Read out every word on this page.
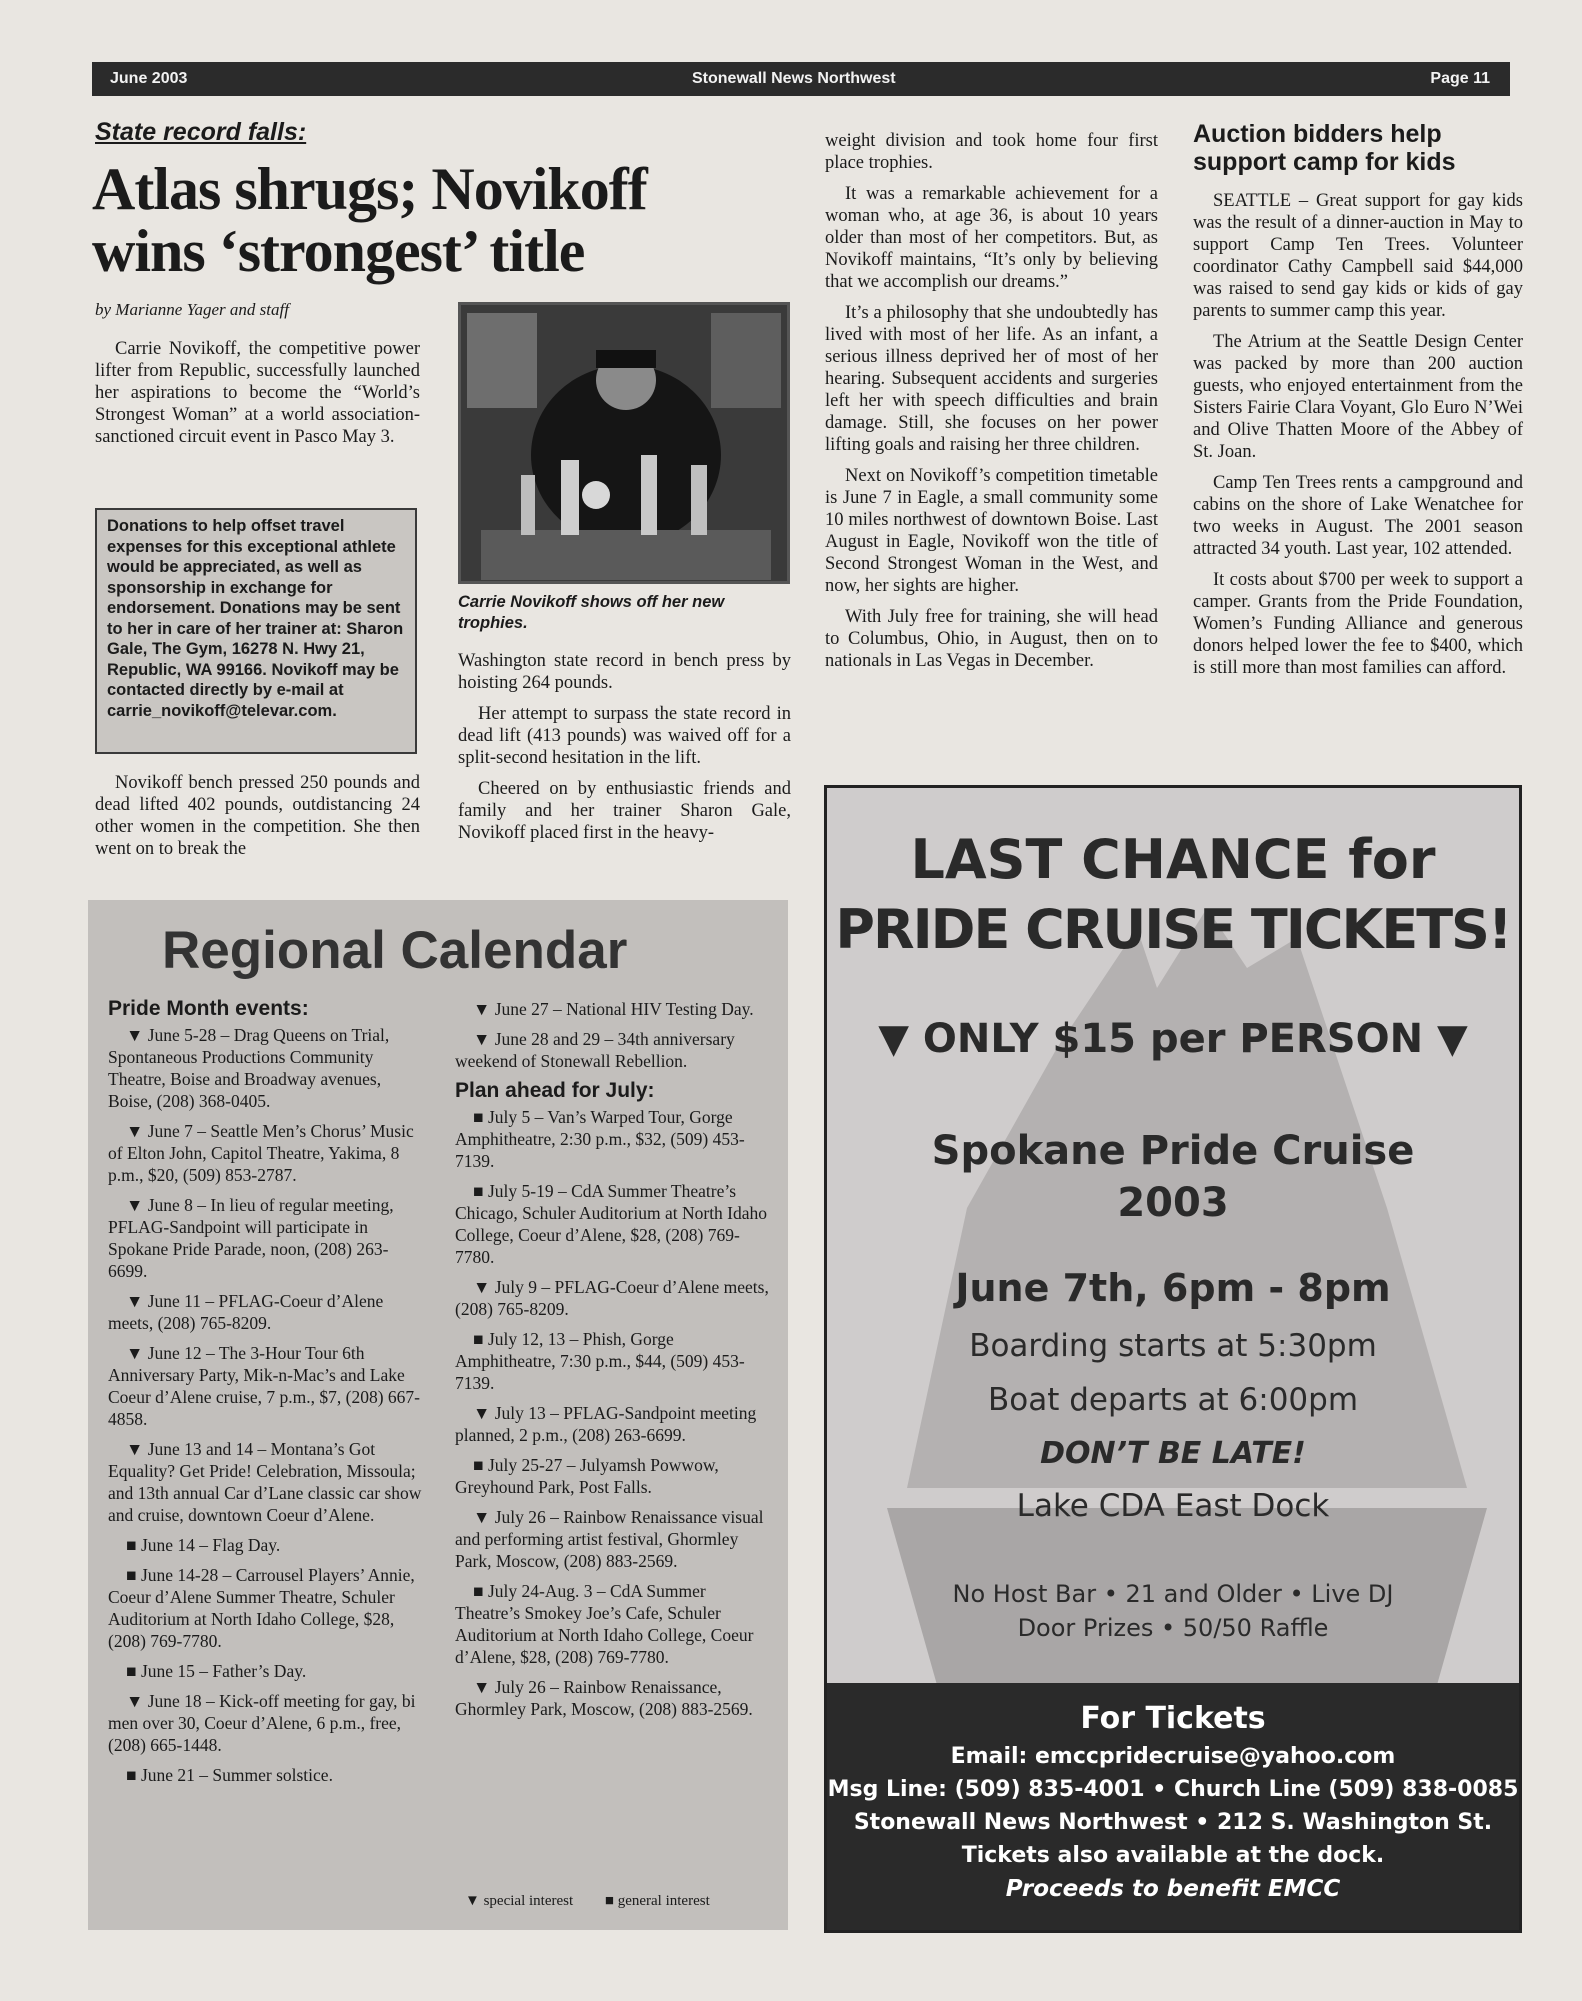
June 2003	Stonewall News Northwest	Page 11
State record falls:
Atlas shrugs; Novikoff wins ‘strongest’ title
by Marianne Yager and staff

Carrie Novikoff, the competitive power lifter from Republic, successfully launched her aspirations to become the “World’s Strongest Woman” at a world association-sanctioned circuit event in Pasco May 3.

Donations to help offset travel expenses for this exceptional athlete would be appreciated, as well as sponsorship in exchange for endorsement. Donations may be sent to her in care of her trainer at: Sharon Gale, The Gym, 16278 N. Hwy 21, Republic, WA 99166. Novikoff may be contacted directly by e-mail at carrie_novikoff@televar.com.

Novikoff bench pressed 250 pounds and dead lifted 402 pounds, outdistancing 24 other women in the competition. She then went on to break the

Carrie Novikoff shows off her new trophies.

Washington state record in bench press by hoisting 264 pounds.

Her attempt to surpass the state record in dead lift (413 pounds) was waived off for a split-second hesitation in the lift.

Cheered on by enthusiastic friends and family and her trainer Sharon Gale, Novikoff placed first in the heavy-

weight division and took home four first place trophies.

It was a remarkable achievement for a woman who, at age 36, is about 10 years older than most of her competitors. But, as Novikoff maintains, “It’s only by believing that we accomplish our dreams.”

It’s a philosophy that she undoubtedly has lived with most of her life. As an infant, a serious illness deprived her of most of her hearing. Subsequent accidents and surgeries left her with speech difficulties and brain damage. Still, she focuses on her power lifting goals and raising her three children.

Next on Novikoff’s competition timetable is June 7 in Eagle, a small community some 10 miles northwest of downtown Boise. Last August in Eagle, Novikoff won the title of Second Strongest Woman in the West, and now, her sights are higher.

With July free for training, she will head to Columbus, Ohio, in August, then on to nationals in Las Vegas in December.

Auction bidders help support camp for kids

SEATTLE – Great support for gay kids was the result of a dinner-auction in May to support Camp Ten Trees. Volunteer coordinator Cathy Campbell said $44,000 was raised to send gay kids or kids of gay parents to summer camp this year.

The Atrium at the Seattle Design Center was packed by more than 200 auction guests, who enjoyed entertainment from the Sisters Fairie Clara Voyant, Glo Euro N’Wei and Olive Thatten Moore of the Abbey of St. Joan.

Camp Ten Trees rents a campground and cabins on the shore of Lake Wenatchee for two weeks in August. The 2001 season attracted 34 youth. Last year, 102 attended.

It costs about $700 per week to support a camper. Grants from the Pride Foundation, Women’s Funding Alliance and generous donors helped lower the fee to $400, which is still more than most families can afford.

Regional Calendar
Pride Month events:

▼ June 5-28 – Drag Queens on Trial, Spontaneous Productions Community Theatre, Boise and Broadway avenues, Boise, (208) 368-0405.

▼ June 7 – Seattle Men’s Chorus’ Music of Elton John, Capitol Theatre, Yakima, 8 p.m., $20, (509) 853-2787.

▼ June 8 – In lieu of regular meeting, PFLAG-Sandpoint will participate in Spokane Pride Parade, noon, (208) 263-6699.

▼ June 11 – PFLAG-Coeur d’Alene meets, (208) 765-8209.

▼ June 12 – The 3-Hour Tour 6th Anniversary Party, Mik-n-Mac’s and Lake Coeur d’Alene cruise, 7 p.m., $7, (208) 667-4858.

▼ June 13 and 14 – Montana’s Got Equality? Get Pride! Celebration, Missoula; and 13th annual Car d’Lane classic car show and cruise, downtown Coeur d’Alene.

■ June 14 – Flag Day.

■ June 14-28 – Carrousel Players’ Annie, Coeur d’Alene Summer Theatre, Schuler Auditorium at North Idaho College, $28, (208) 769-7780.

■ June 15 – Father’s Day.

▼ June 18 – Kick-off meeting for gay, bi men over 30, Coeur d’Alene, 6 p.m., free, (208) 665-1448.

■ June 21 – Summer solstice.

▼ June 27 – National HIV Testing Day.

▼ June 28 and 29 – 34th anniversary weekend of Stonewall Rebellion.

Plan ahead for July:

■ July 5 – Van’s Warped Tour, Gorge Amphitheatre, 2:30 p.m., $32, (509) 453-7139.

■ July 5-19 – CdA Summer Theatre’s Chicago, Schuler Auditorium at North Idaho College, Coeur d’Alene, $28, (208) 769-7780.

▼ July 9 – PFLAG-Coeur d’Alene meets, (208) 765-8209.

■ July 12, 13 – Phish, Gorge Amphitheatre, 7:30 p.m., $44, (509) 453-7139.

▼ July 13 – PFLAG-Sandpoint meeting planned, 2 p.m., (208) 263-6699.

■ July 25-27 – Julyamsh Powwow, Greyhound Park, Post Falls.

▼ July 26 – Rainbow Renaissance visual and performing artist festival, Ghormley Park, Moscow, (208) 883-2569.

■ July 24-Aug. 3 – CdA Summer Theatre’s Smokey Joe’s Cafe, Schuler Auditorium at North Idaho College, Coeur d’Alene, $28, (208) 769-7780.

▼ July 26 – Rainbow Renaissance, Ghormley Park, Moscow, (208) 883-2569.

▼ special interest ■ general interest
LAST CHANCE for
PRIDE CRUISE TICKETS!
▼ ONLY $15 per PERSON ▼
Spokane Pride Cruise
2003
June 7th, 6pm - 8pm
Boarding starts at 5:30pm
Boat departs at 6:00pm
DON’T BE LATE!
Lake CDA East Dock
No Host Bar • 21 and Older • Live DJ
Door Prizes • 50/50 Raffle
For Tickets
Email: emccpridecruise@yahoo.com
Msg Line: (509) 835-4001 • Church Line (509) 838-0085
Stonewall News Northwest • 212 S. Washington St.
Tickets also available at the dock.
Proceeds to benefit EMCC
